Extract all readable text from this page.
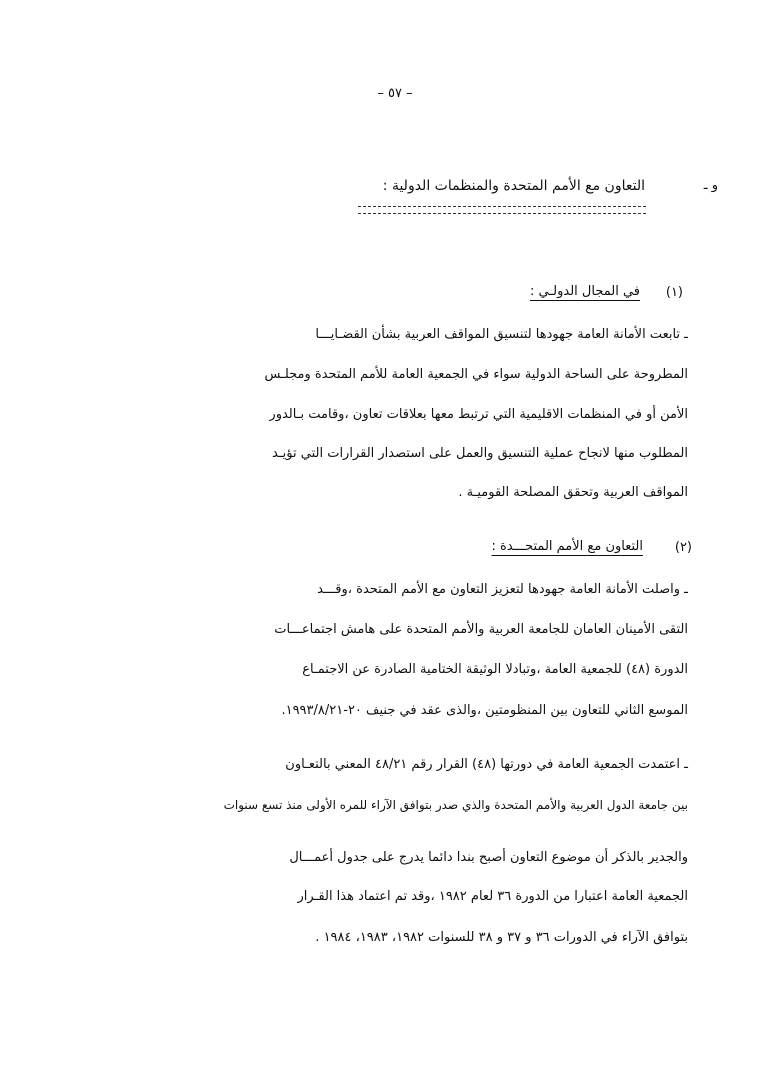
– ٥٧ –
و ـ
التعاون مع الأمم المتحدة والمنظمات الدولية :
(١)
في المجال الدولـي :
ـ تابعت الأمانة العامة جهودها لتنسيق المواقف العربية بشأن القضـايـــا
المطروحة على الساحة الدولية سواء في الجمعية العامة للأمم المتحدة ومجلـس
الأمن أو في المنظمات الاقليمية التي ترتبط معها بعلاقات تعاون ،وقامت بـالدور
المطلوب منها لانجاح عملية التنسيق والعمل على استصدار القرارات التي تؤيـد
المواقف العربية وتحقق المصلحة القوميـة .
(٢)
التعاون مع الأمم المتحـــدة :
ـ واصلت الأمانة العامة جهودها لتعزيز التعاون مع الأمم المتحدة ،وقـــد
التقى الأمينان العامان للجامعة العربية والأمم المتحدة على هامش اجتماعـــات
الدورة (٤٨) للجمعية العامة ،وتبادلا الوثيقة الختامية الصادرة عن الاجتمـاع
الموسع الثاني للتعاون بين المنظومتين ،والذى عقد في جنيف ٢٠-١٩٩٣/٨/٢١.
ـ اعتمدت الجمعية العامة في دورتها (٤٨) القرار رقم ٤٨/٢١ المعني بالتعـاون
بين جامعة الدول العربية والأمم المتحدة والذي صدر بتوافق الآراء للمره الأولى منذ تسع سنوات
والجدير بالذكر أن موضوع التعاون أصبح بندا دائما يدرج على جدول أعمـــال
الجمعية العامة اعتبارا من الدورة ٣٦ لعام ١٩٨٢ ،وقد تم اعتماد هذا القـرار
بتوافق الآراء في الدورات ٣٦ و ٣٧ و ٣٨ للسنوات ١٩٨٢، ١٩٨٣، ١٩٨٤ .
